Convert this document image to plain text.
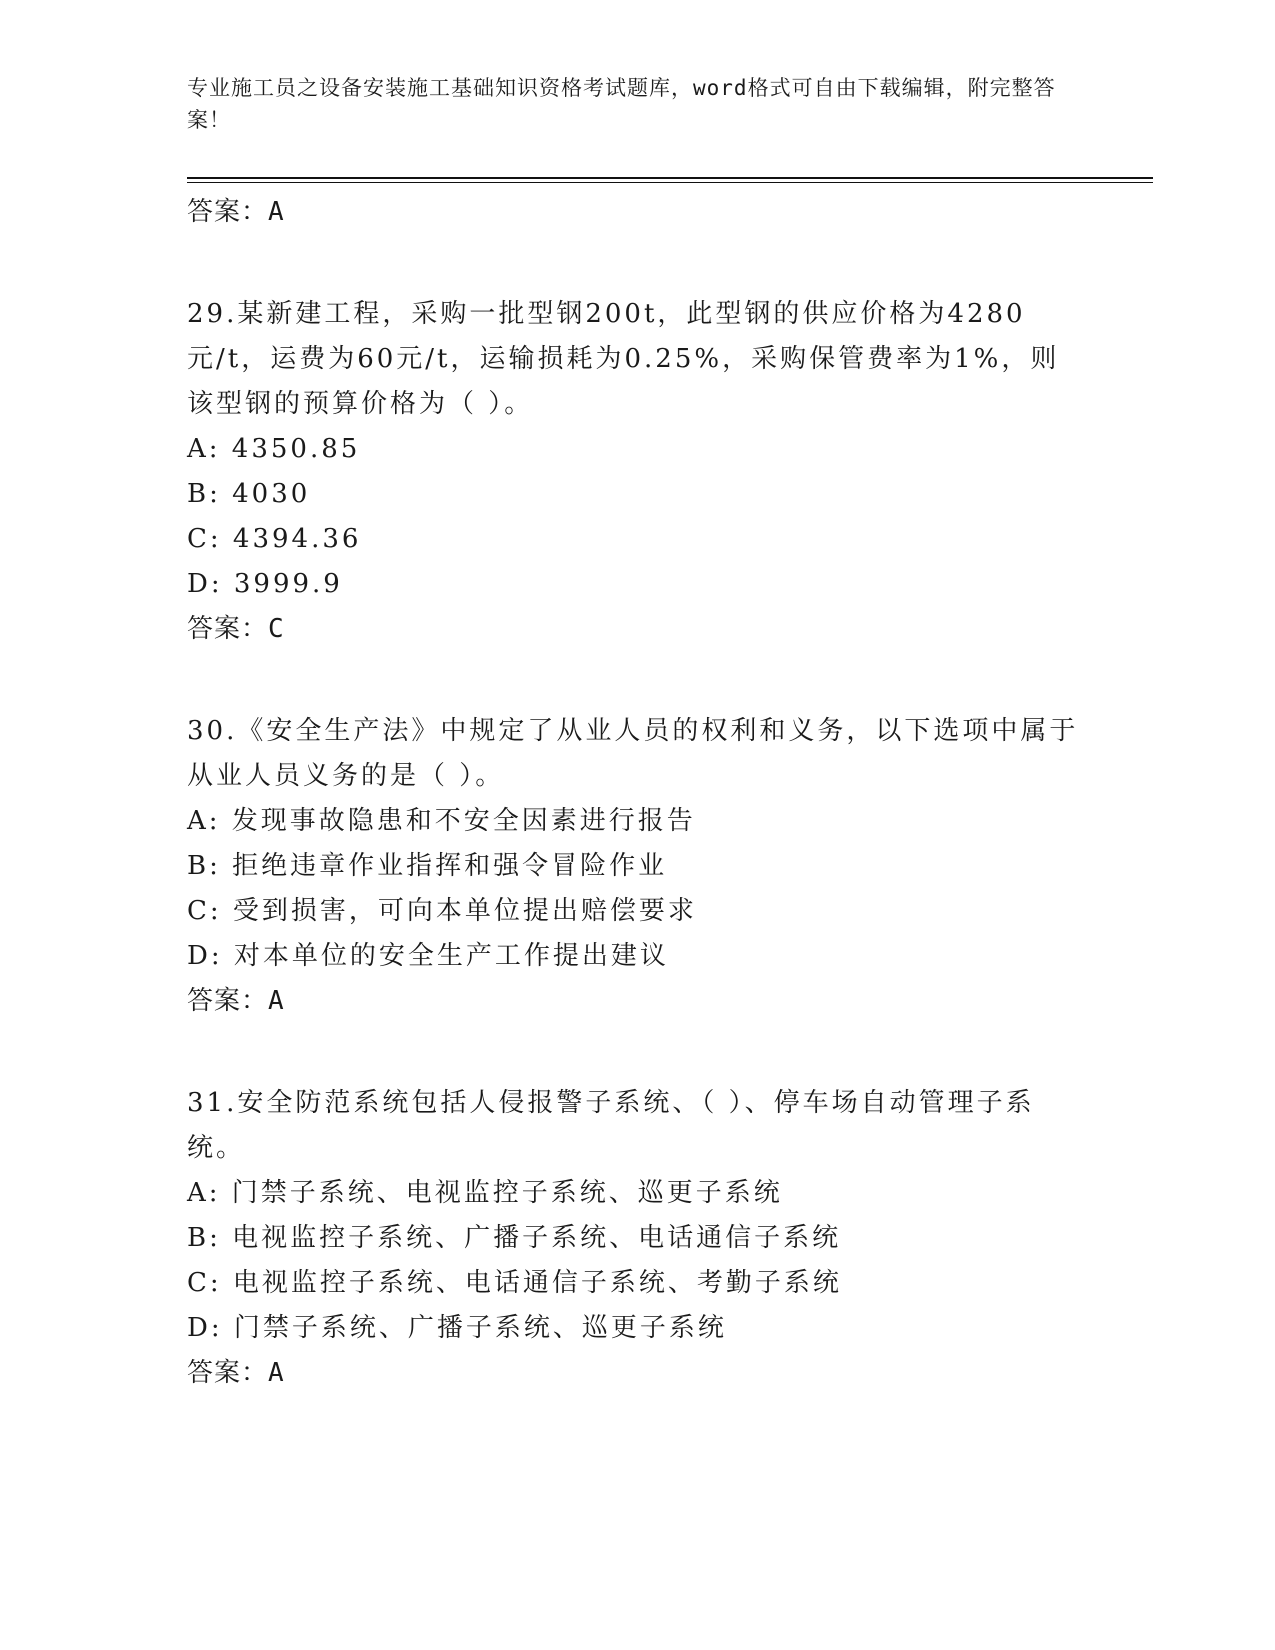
专业施工员之设备安装施工基础知识资格考试题库，word格式可自由下载编辑，附完整答案！

答案：A

29.某新建工程，采购一批型钢200t，此型钢的供应价格为4280元/t，运费为60元/t，运输损耗为0.25%，采购保管费率为1%，则该型钢的预算价格为（ ）。

A: 4350.85

B: 4030

C: 4394.36

D: 3999.9

答案：C

30.《安全生产法》中规定了从业人员的权利和义务，以下选项中属于从业人员义务的是（ ）。

A: 发现事故隐患和不安全因素进行报告

B: 拒绝违章作业指挥和强令冒险作业

C: 受到损害，可向本单位提出赔偿要求

D: 对本单位的安全生产工作提出建议

答案：A

31.安全防范系统包括人侵报警子系统、（ ）、停车场自动管理子系统。

A: 门禁子系统、电视监控子系统、巡更子系统

B: 电视监控子系统、广播子系统、电话通信子系统

C: 电视监控子系统、电话通信子系统、考勤子系统

D: 门禁子系统、广播子系统、巡更子系统

答案：A
